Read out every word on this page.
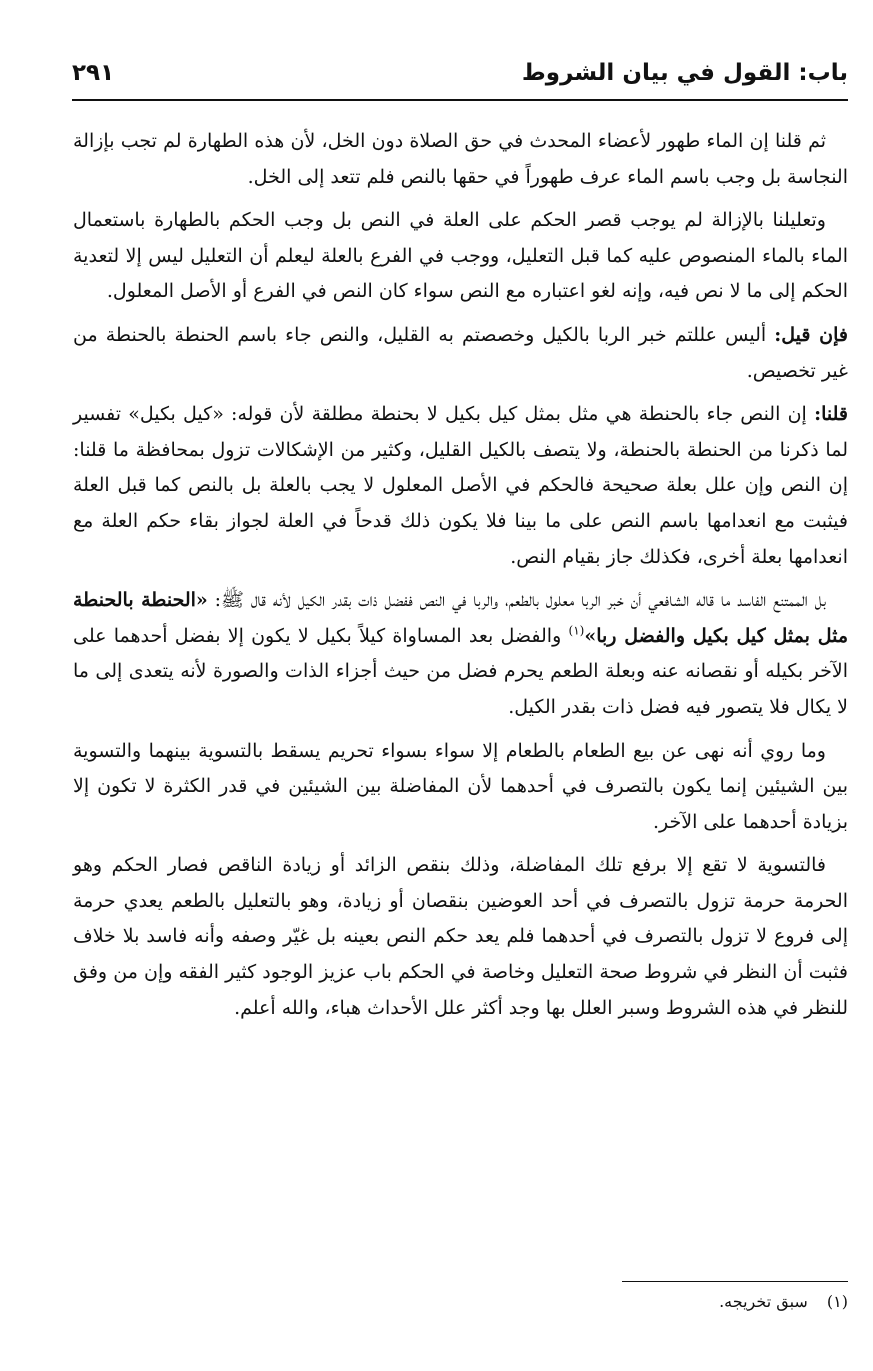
باب: القول في بيان الشروط
٢٩١

ثم قلنا إن الماء طهور لأعضاء المحدث في حق الصلاة دون الخل، لأن هذه الطهارة لم تجب بإزالة النجاسة بل وجب باسم الماء عرف طهوراً في حقها بالنص فلم تتعد إلى الخل.

وتعليلنا بالإزالة لم يوجب قصر الحكم على العلة في النص بل وجب الحكم بالطهارة باستعمال الماء بالماء المنصوص عليه كما قبل التعليل، ووجب في الفرع بالعلة ليعلم أن التعليل ليس إلا لتعدية الحكم إلى ما لا نص فيه، وإنه لغو اعتباره مع النص سواء كان النص في الفرع أو الأصل المعلول.

فإن قيل: أليس عللتم خبر الربا بالكيل وخصصتم به القليل، والنص جاء باسم الحنطة بالحنطة من غير تخصيص.

قلنا: إن النص جاء بالحنطة هي مثل بمثل كيل بكيل لا بحنطة مطلقة لأن قوله: «كيل بكيل» تفسير لما ذكرنا من الحنطة بالحنطة، ولا يتصف بالكيل القليل، وكثير من الإشكالات تزول بمحافظة ما قلنا: إن النص وإن علل بعلة صحيحة فالحكم في الأصل المعلول لا يجب بالعلة بل بالنص كما قبل العلة فيثبت مع انعدامها باسم النص على ما بينا فلا يكون ذلك قدحاً في العلة لجواز بقاء حكم العلة مع انعدامها بعلة أخرى، فكذلك جاز بقيام النص.

بل الممتنع الفاسد ما قاله الشافعي أن خبر الربا معلول بالطعم، والربا في النص ففضل ذات بقدر الكيل لأنه قال ﷺ: «الحنطة بالحنطة مثل بمثل كيل بكيل والفضل ربا»$^{(١)}$ والفضل بعد المساواة كيلاً بكيل لا يكون إلا بفضل أحدهما على الآخر بكيله أو نقصانه عنه وبعلة الطعم يحرم فضل من حيث أجزاء الذات والصورة لأنه يتعدى إلى ما لا يكال فلا يتصور فيه فضل ذات بقدر الكيل.

وما روي أنه نهى عن بيع الطعام بالطعام إلا سواء بسواء تحريم يسقط بالتسوية بينهما والتسوية بين الشيئين إنما يكون بالتصرف في أحدهما لأن المفاضلة بين الشيئين في قدر الكثرة لا تكون إلا بزيادة أحدهما على الآخر.

فالتسوية لا تقع إلا برفع تلك المفاضلة، وذلك بنقص الزائد أو زيادة الناقص فصار الحكم وهو الحرمة حرمة تزول بالتصرف في أحد العوضين بنقصان أو زيادة، وهو بالتعليل بالطعم يعدي حرمة إلى فروع لا تزول بالتصرف في أحدهما فلم يعد حكم النص بعينه بل غيّر وصفه وأنه فاسد بلا خلاف فثبت أن النظر في شروط صحة التعليل وخاصة في الحكم باب عزيز الوجود كثير الفقه وإن من وفق للنظر في هذه الشروط وسبر العلل بها وجد أكثر علل الأحداث هباء، والله أعلم.

(١) سبق تخريجه.
